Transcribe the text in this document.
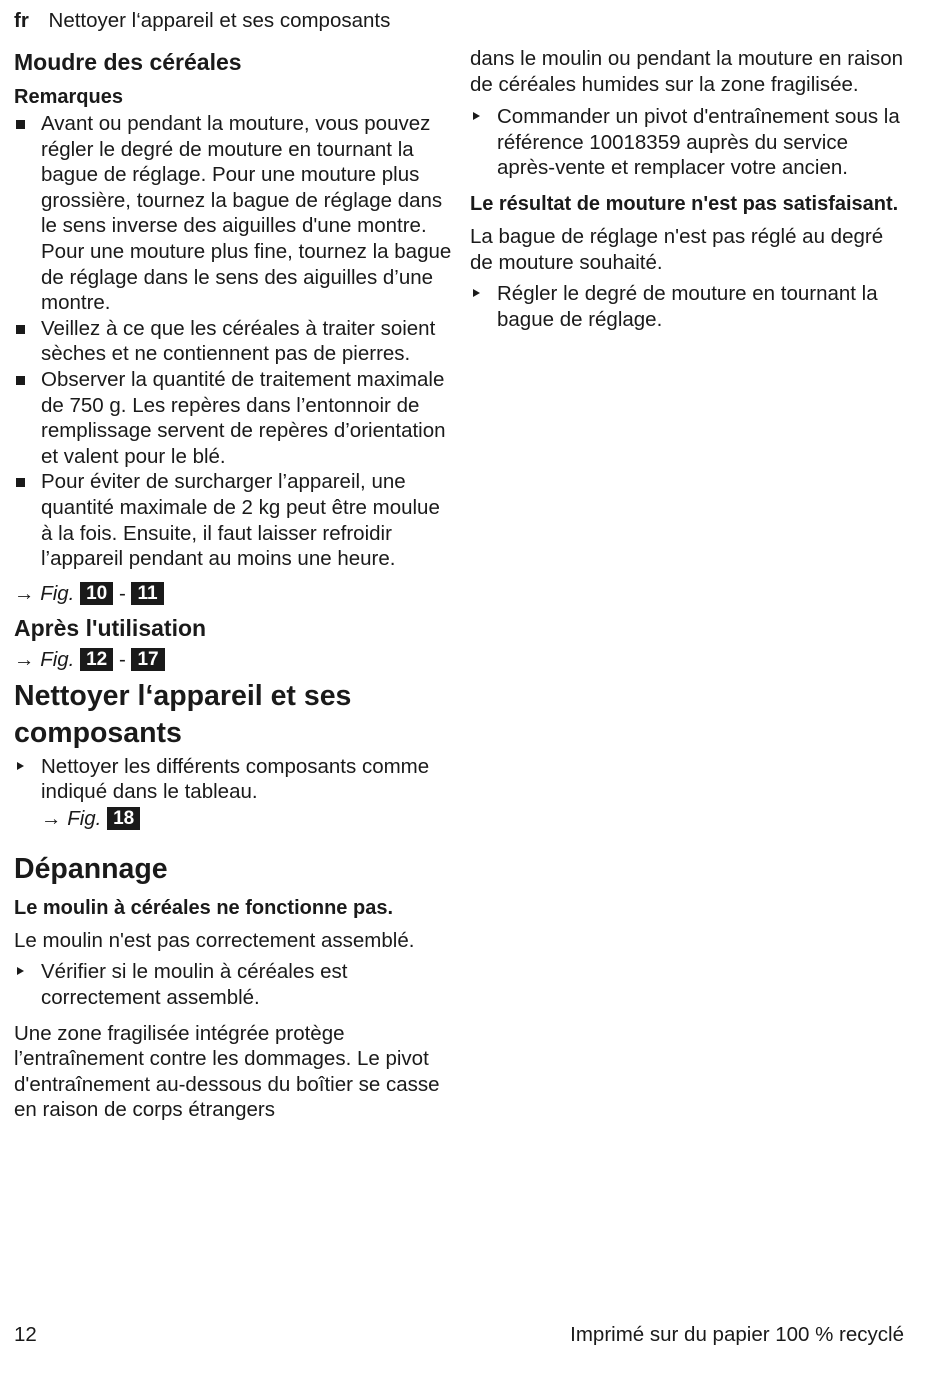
fr Nettoyer l‘appareil et ses composants
Moudre des céréales
Remarques
Avant ou pendant la mouture, vous pouvez régler le degré de mouture en tournant la bague de réglage. Pour une mouture plus grossière, tournez la bague de réglage dans le sens inverse des aiguilles d'une montre. Pour une mouture plus fine, tournez la bague de réglage dans le sens des aiguilles d’une montre.
Veillez à ce que les céréales à traiter soient sèches et ne contiennent pas de pierres.
Observer la quantité de traitement maximale de 750 g. Les repères dans l’entonnoir de remplissage servent de repères d’orientation et valent pour le blé.
Pour éviter de surcharger l’appareil, une quantité maximale de 2 kg peut être moulue à la fois. Ensuite, il faut laisser refroidir l’appareil pendant au moins une heure.

→ Fig. 10 - 11

Après l'utilisation

→ Fig. 12 - 17

Nettoyer l‘appareil et ses composants
Nettoyer les différents composants comme indiqué dans le tableau.

→ Fig. 18

Dépannage
Le moulin à céréales ne fonctionne pas.

Le moulin n'est pas correctement assemblé.

Vérifier si le moulin à céréales est correctement assemblé.

Une zone fragilisée intégrée protège l’entraînement contre les dommages. Le pivot d'entraînement au-dessous du boîtier se casse en raison de corps étrangers

dans le moulin ou pendant la mouture en raison de céréales humides sur la zone fragilisée.

Commander un pivot d'entraînement sous la référence 10018359 auprès du service après-vente et remplacer votre ancien.
Le résultat de mouture n'est pas satisfaisant.

La bague de réglage n'est pas réglé au degré de mouture souhaité.

Régler le degré de mouture en tournant la bague de réglage.
12	Imprimé sur du papier 100 % recyclé
